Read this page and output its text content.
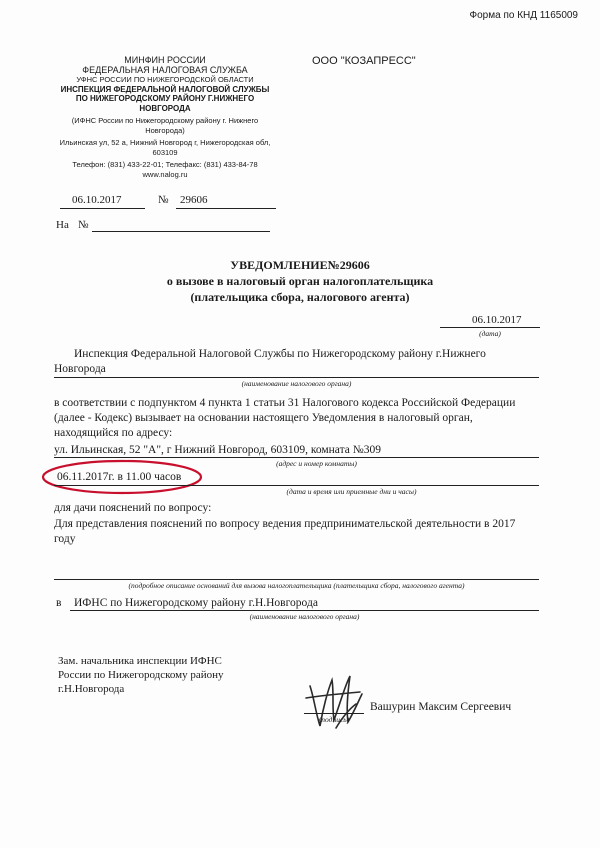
Форма по КНД 1165009
МИНФИН РОССИИ
ФЕДЕРАЛЬНАЯ НАЛОГОВАЯ СЛУЖБА
УФНС РОССИИ ПО НИЖЕГОРОДСКОЙ ОБЛАСТИ
ИНСПЕКЦИЯ ФЕДЕРАЛЬНОЙ НАЛОГОВОЙ СЛУЖБЫ
ПО НИЖЕГОРОДСКОМУ РАЙОНУ Г.НИЖНЕГО
НОВГОРОДА
(ИФНС России по Нижегородскому району г. Нижнего
Новгорода)
Ильинская ул, 52 а, Нижний Новгород г, Нижегородская обл,
603109
Телефон: (831) 433-22-01; Телефакс: (831) 433-84-78
www.nalog.ru
ООО "КОЗАПРЕСС"
06.10.2017	№ 29606
На №
УВЕДОМЛЕНИЕ№29606
о вызове в налоговый орган налогоплательщика
(плательщика сбора, налогового агента)
06.10.2017
(дата)
Инспекция Федеральной Налоговой Службы по Нижегородскому району г.Нижнего
Новгорода
(наименование налогового органа)
в соответствии с подпунктом 4 пункта 1 статьи 31 Налогового кодекса Российской Федерации
(далее - Кодекс) вызывает на основании настоящего Уведомления в налоговый орган,
находящийся по адресу:
ул. Ильинская, 52 "А", г Нижний Новгород, 603109, комната №309
(адрес и номер комнаты)
06.11.2017г. в 11.00 часов
(дата и время или приемные дни и часы)
для дачи пояснений по вопросу:
Для представления пояснений по вопросу ведения предпринимательской деятельности в 2017
году
(подробное описание оснований для вызова налогоплательщика (плательщика сбора, налогового агента)
в ИФНС по Нижегородскому району г.Н.Новгорода
(наименование налогового органа)
Зам. начальника инспекции ИФНС
России по Нижегородскому району
г.Н.Новгорода
(подпись)
Вашурин Максим Сергеевич
